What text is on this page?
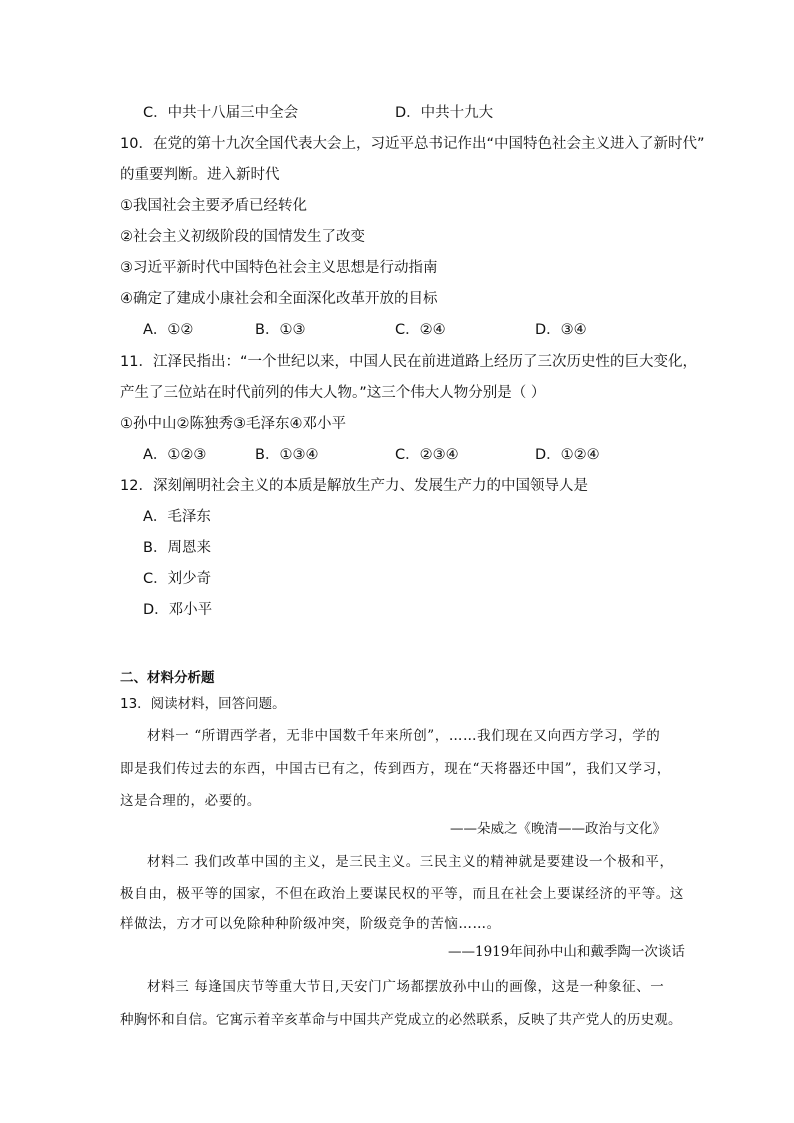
C．中共十八届三中全会	D．中共十九大
10．在党的第十九次全国代表大会上，习近平总书记作出“中国特色社会主义进入了新时代”
的重要判断。进入新时代
①我国社会主要矛盾已经转化
②社会主义初级阶段的国情发生了改变
③习近平新时代中国特色社会主义思想是行动指南
④确定了建成小康社会和全面深化改革开放的目标
A．①②	B．①③	C．②④	D．③④
11．江泽民指出：“一个世纪以来，中国人民在前进道路上经历了三次历史性的巨大变化，
产生了三位站在时代前列的伟大人物。”这三个伟大人物分别是（ ）
①孙中山②陈独秀③毛泽东④邓小平
A．①②③	B．①③④	C．②③④	D．①②④
12．深刻阐明社会主义的本质是解放生产力、发展生产力的中国领导人是
A．毛泽东
B．周恩来
C．刘少奇
D．邓小平
二、材料分析题
13．阅读材料，回答问题。
材料一 “所谓西学者，无非中国数千年来所创”，……我们现在又向西方学习，学的
即是我们传过去的东西，中国古已有之，传到西方，现在“天将器还中国”，我们又学习，
这是合理的，必要的。
——朵威之《晚清——政治与文化》
材料二 我们改革中国的主义，是三民主义。三民主义的精神就是要建设一个极和平，
极自由，极平等的国家，不但在政治上要谋民权的平等，而且在社会上要谋经济的平等。这
样做法，方才可以免除种种阶级冲突，阶级竞争的苦恼……。
——1919年间孙中山和戴季陶一次谈话
材料三 每逢国庆节等重大节日,天安门广场都摆放孙中山的画像，这是一种象征、一
种胸怀和自信。它寓示着辛亥革命与中国共产党成立的必然联系，反映了共产党人的历史观。
